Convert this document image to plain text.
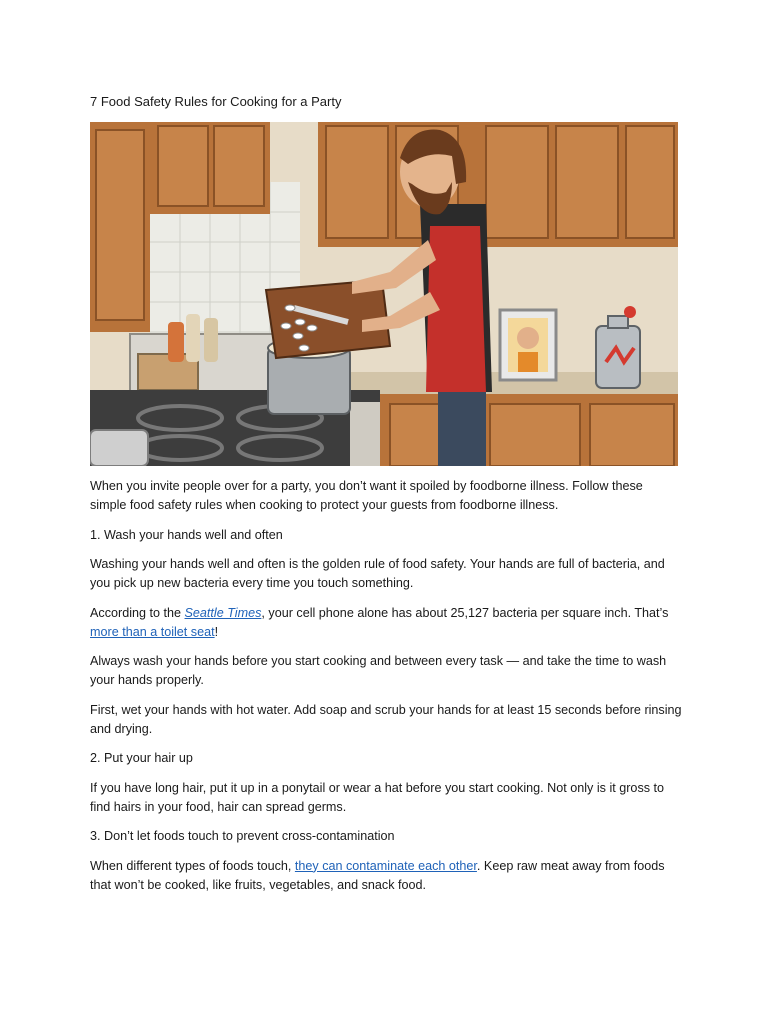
7 Food Safety Rules for Cooking for a Party

When you invite people over for a party, you don’t want it spoiled by foodborne illness. Follow these simple food safety rules when cooking to protect your guests from foodborne illness.

1. Wash your hands well and often

Washing your hands well and often is the golden rule of food safety. Your hands are full of bacteria, and you pick up new bacteria every time you touch something.

According to the Seattle Times, your cell phone alone has about 25,127 bacteria per square inch. That’s more than a toilet seat!

Always wash your hands before you start cooking and between every task — and take the time to wash your hands properly.

First, wet your hands with hot water. Add soap and scrub your hands for at least 15 seconds before rinsing and drying.

2. Put your hair up

If you have long hair, put it up in a ponytail or wear a hat before you start cooking. Not only is it gross to find hairs in your food, hair can spread germs.

3. Don’t let foods touch to prevent cross-contamination

When different types of foods touch, they can contaminate each other. Keep raw meat away from foods that won’t be cooked, like fruits, vegetables, and snack food.
